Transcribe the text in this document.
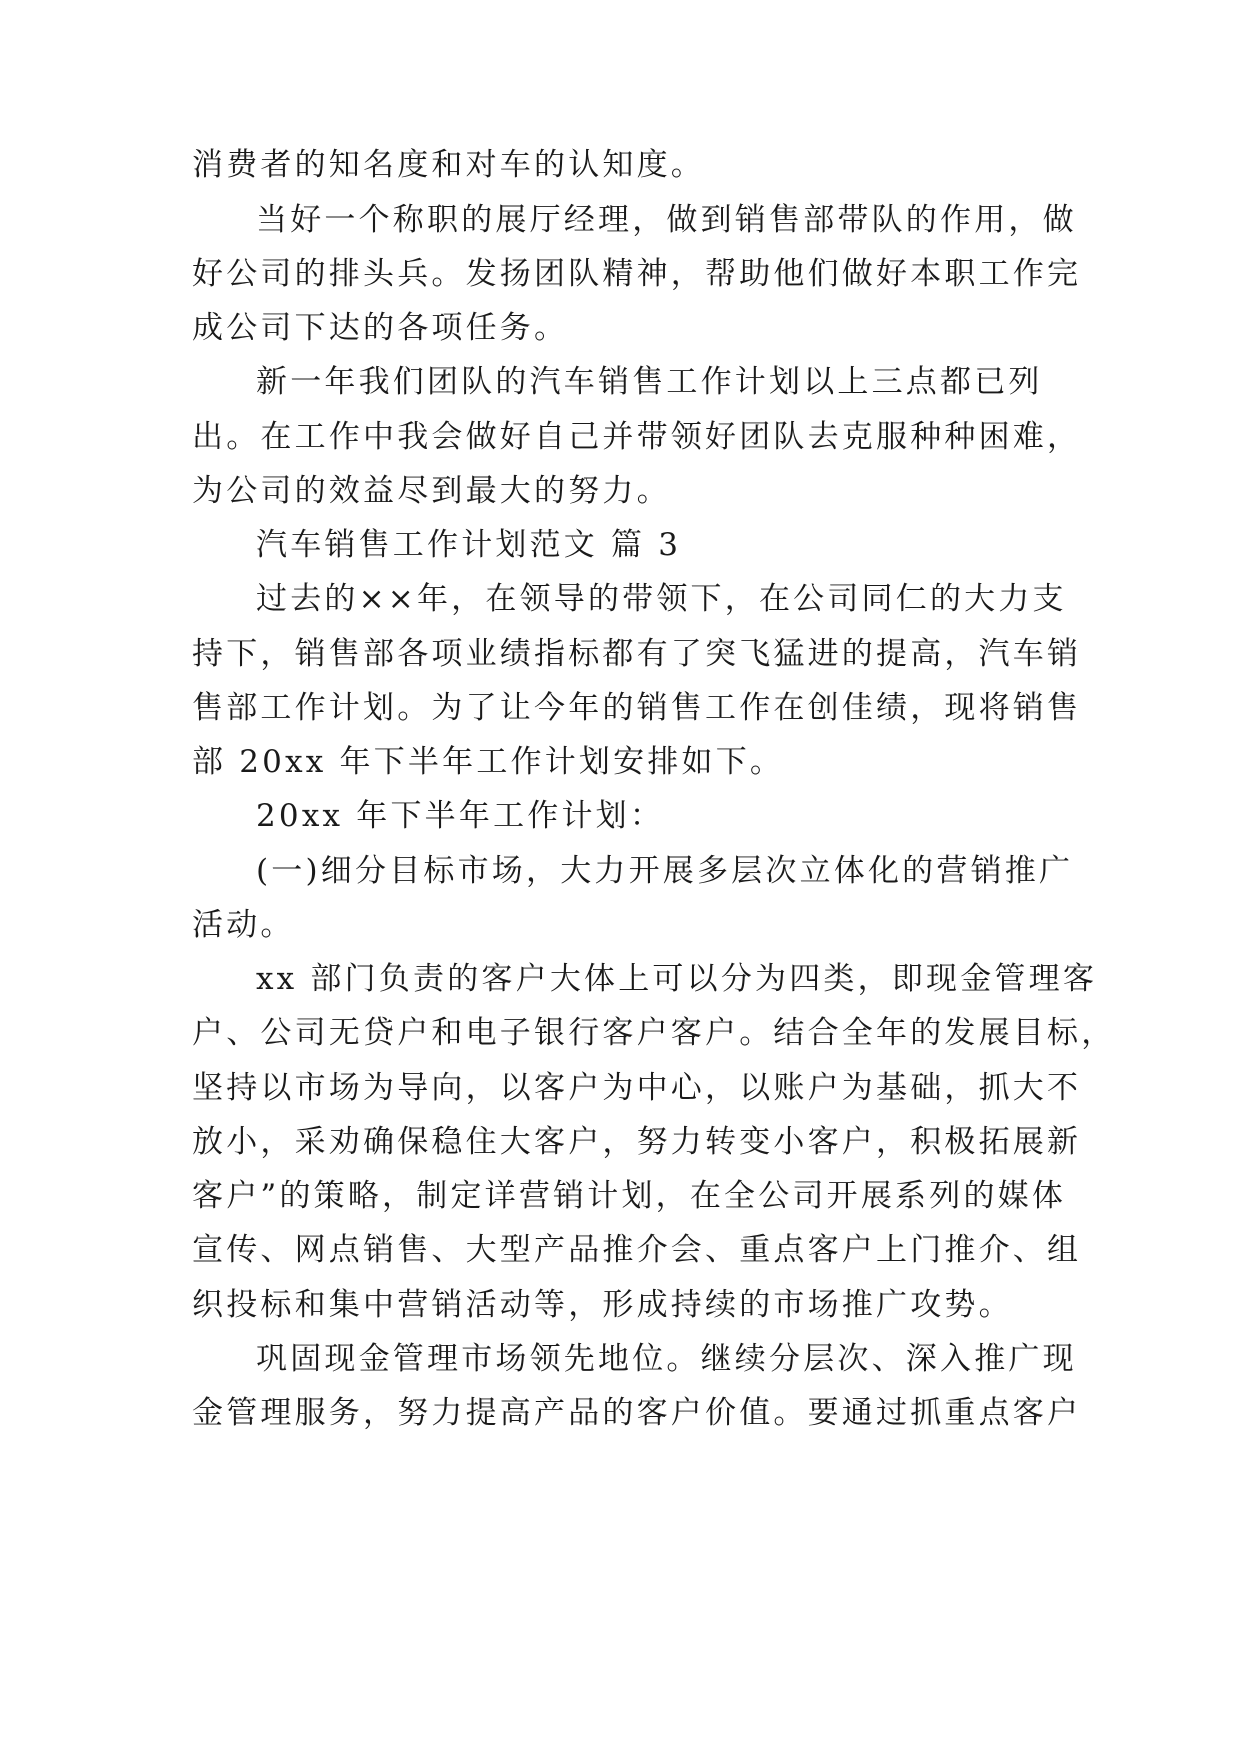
消费者的知名度和对车的认知度。
当好一个称职的展厅经理，做到销售部带队的作用，做
好公司的排头兵。发扬团队精神，帮助他们做好本职工作完
成公司下达的各项任务。
新一年我们团队的汽车销售工作计划以上三点都已列
出。在工作中我会做好自己并带领好团队去克服种种困难，
为公司的效益尽到最大的努力。
汽车销售工作计划范文 篇 3
过去的××年，在领导的带领下，在公司同仁的大力支
持下，销售部各项业绩指标都有了突飞猛进的提高，汽车销
售部工作计划。为了让今年的销售工作在创佳绩，现将销售
部 20xx 年下半年工作计划安排如下。
20xx 年下半年工作计划：
(一)细分目标市场，大力开展多层次立体化的营销推广
活动。
xx 部门负责的客户大体上可以分为四类，即现金管理客
户、公司无贷户和电子银行客户客户。结合全年的发展目标，
坚持以市场为导向，以客户为中心，以账户为基础，抓大不
放小，采劝确保稳住大客户，努力转变小客户，积极拓展新
客户”的策略，制定详营销计划，在全公司开展系列的媒体
宣传、网点销售、大型产品推介会、重点客户上门推介、组
织投标和集中营销活动等，形成持续的市场推广攻势。
巩固现金管理市场领先地位。继续分层次、深入推广现
金管理服务，努力提高产品的客户价值。要通过抓重点客户
